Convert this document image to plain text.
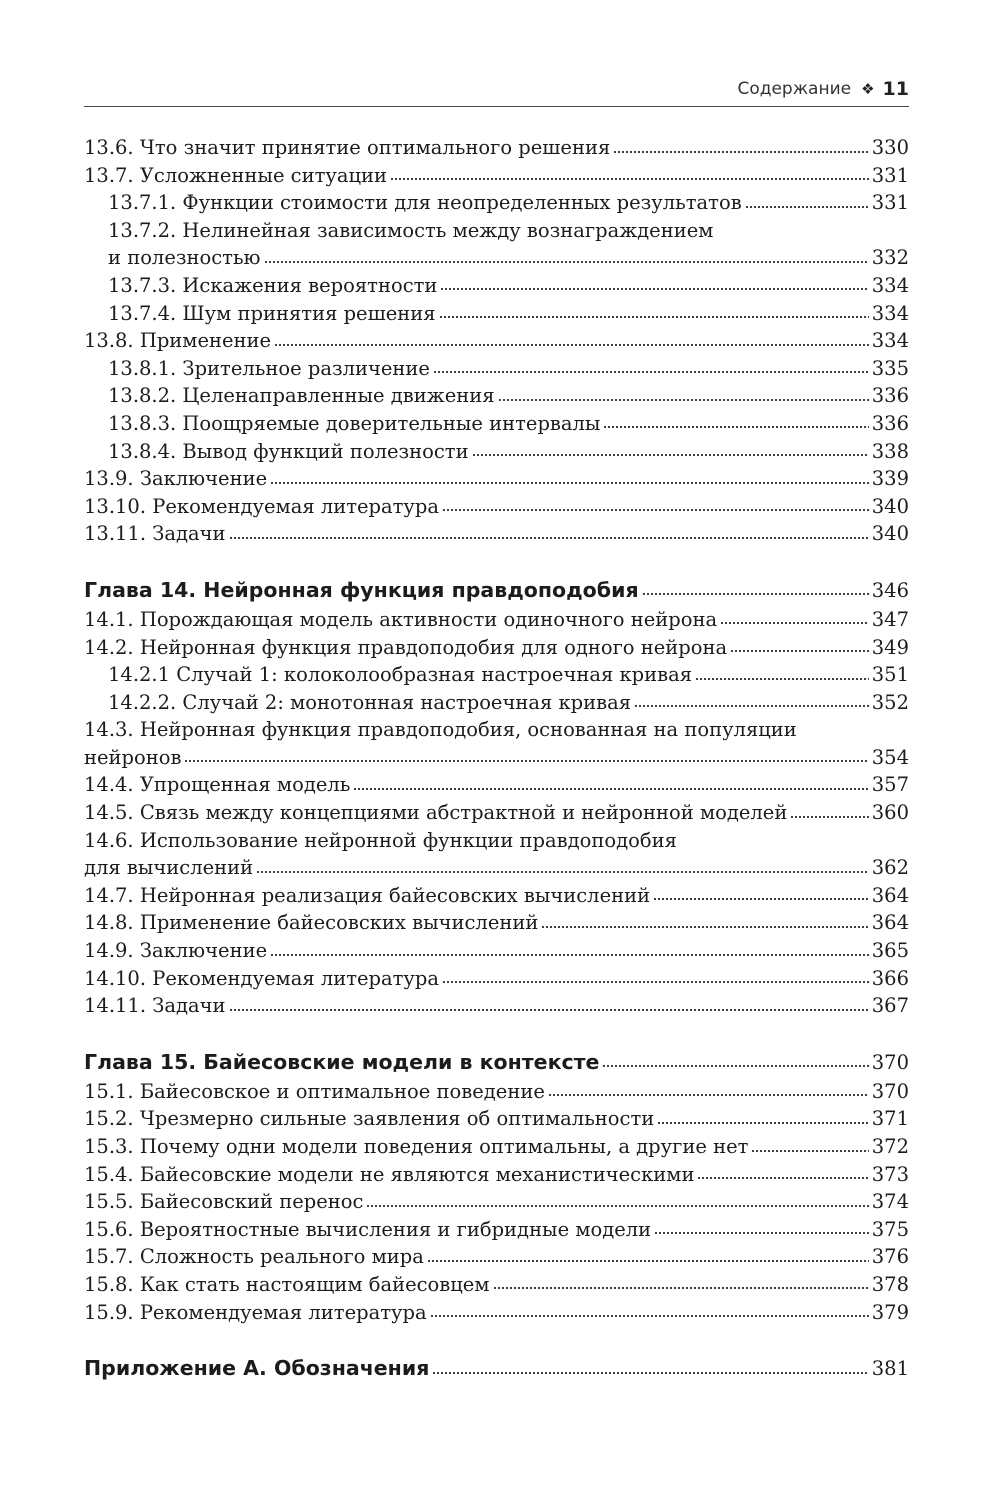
Содержание ❖ 11
13.6. Что значит принятие оптимального решения	330
13.7. Усложненные ситуации	331
13.7.1. Функции стоимости для неопределенных результатов	331
13.7.2. Нелинейная зависимость между вознаграждением
и полезностью	332
13.7.3. Искажения вероятности	334
13.7.4. Шум принятия решения	334
13.8. Применение	334
13.8.1. Зрительное различение	335
13.8.2. Целенаправленные движения	336
13.8.3. Поощряемые доверительные интервалы	336
13.8.4. Вывод функций полезности	338
13.9. Заключение	339
13.10. Рекомендуемая литература	340
13.11. Задачи	340
Глава 14. Нейронная функция правдоподобия	346
14.1. Порождающая модель активности одиночного нейрона	347
14.2. Нейронная функция правдоподобия для одного нейрона	349
14.2.1 Случай 1: колоколообразная настроечная кривая	351
14.2.2. Случай 2: монотонная настроечная кривая	352
14.3. Нейронная функция правдоподобия, основанная на популяции
нейронов	354
14.4. Упрощенная модель	357
14.5. Связь между концепциями абстрактной и нейронной моделей	360
14.6. Использование нейронной функции правдоподобия
для вычислений	362
14.7. Нейронная реализация байесовских вычислений	364
14.8. Применение байесовских вычислений	364
14.9. Заключение	365
14.10. Рекомендуемая литература	366
14.11. Задачи	367
Глава 15. Байесовские модели в контексте	370
15.1. Байесовское и оптимальное поведение	370
15.2. Чрезмерно сильные заявления об оптимальности	371
15.3. Почему одни модели поведения оптимальны, а другие нет	372
15.4. Байесовские модели не являются механистическими	373
15.5. Байесовский перенос	374
15.6. Вероятностные вычисления и гибридные модели	375
15.7. Сложность реального мира	376
15.8. Как стать настоящим байесовцем	378
15.9. Рекомендуемая литература	379
Приложение А. Обозначения	381
